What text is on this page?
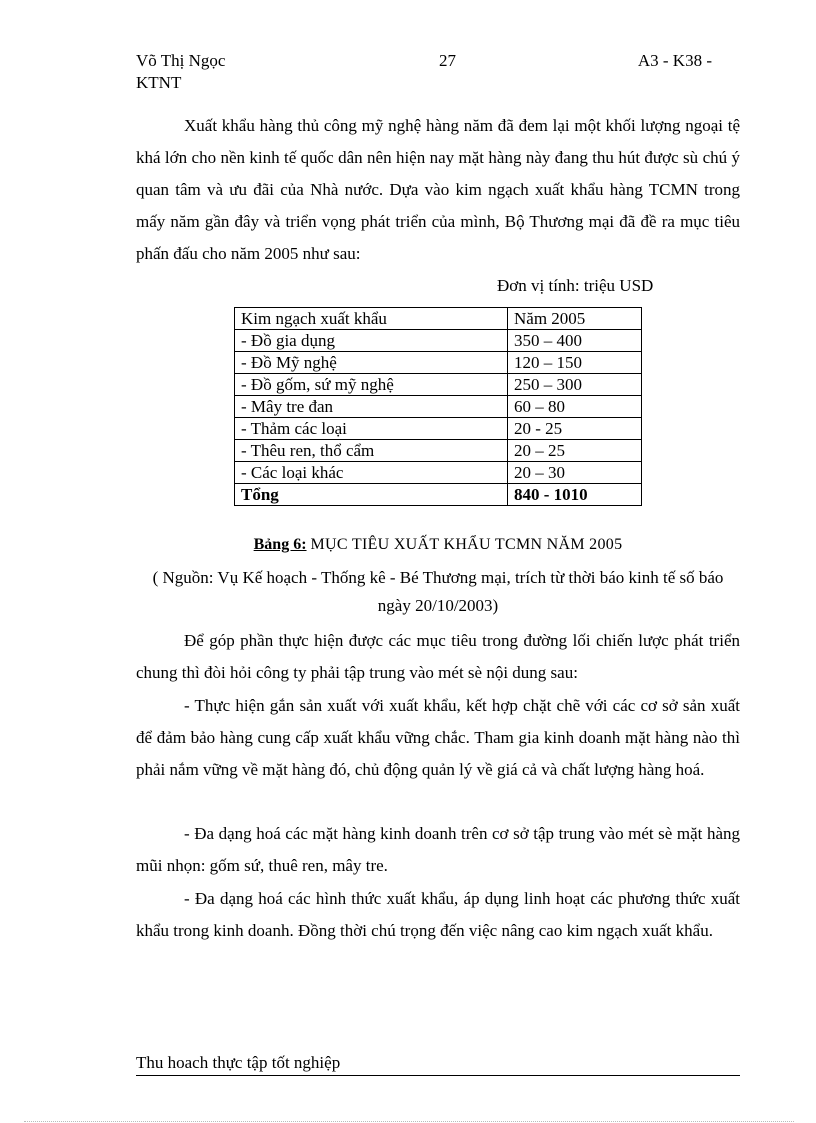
Võ Thị Ngọc KTNT
27	A3 - K38 -

Xuất khẩu hàng thủ công mỹ nghệ hàng năm đã đem lại một khối lượng ngoại tệ khá lớn cho nền kinh tế quốc dân nên hiện nay mặt hàng này đang thu hút được sù chú ý quan tâm và ưu đãi của Nhà nước. Dựa vào kim ngạch xuất khẩu hàng TCMN trong mấy năm gần đây và triển vọng phát triển của mình, Bộ Thương mại đã đề ra mục tiêu phấn đấu cho năm 2005 như sau:

Đơn vị tính: triệu USD
Kim ngạch xuất khẩu	Năm 2005
- Đồ gia dụng	350 – 400
- Đồ Mỹ nghệ	120 – 150
- Đồ gốm, sứ mỹ nghệ	250 – 300
- Mây tre đan	60 – 80
- Thảm các loại	20 - 25
- Thêu ren, thổ cẩm	20 – 25
- Các loại khác	20 – 30
Tổng	840 - 1010
Bảng 6: MỤC TIÊU XUẤT KHẨU TCMN NĂM 2005

( Nguồn: Vụ Kế hoạch - Thống kê - Bé Thương mại, trích từ thời báo kinh tế số báo ngày 20/10/2003)

Để góp phần thực hiện được các mục tiêu trong đường lối chiến lược phát triển chung thì đòi hỏi công ty phải tập trung vào mét sè nội dung sau:

- Thực hiện gắn sản xuất với xuất khẩu, kết hợp chặt chẽ với các cơ sở sản xuất để đảm bảo hàng cung cấp xuất khẩu vững chắc. Tham gia kinh doanh mặt hàng nào thì phải nắm vững về mặt hàng đó, chủ động quản lý về giá cả và chất lượng hàng hoá.

- Đa dạng hoá các mặt hàng kinh doanh trên cơ sở tập trung vào mét sè mặt hàng mũi nhọn: gốm sứ, thuê ren, mây tre.

- Đa dạng hoá các hình thức xuất khẩu, áp dụng linh hoạt các phương thức xuất khẩu trong kinh doanh. Đồng thời chú trọng đến việc nâng cao kim ngạch xuất khẩu.

Thu hoach thực tập tốt nghiệp
